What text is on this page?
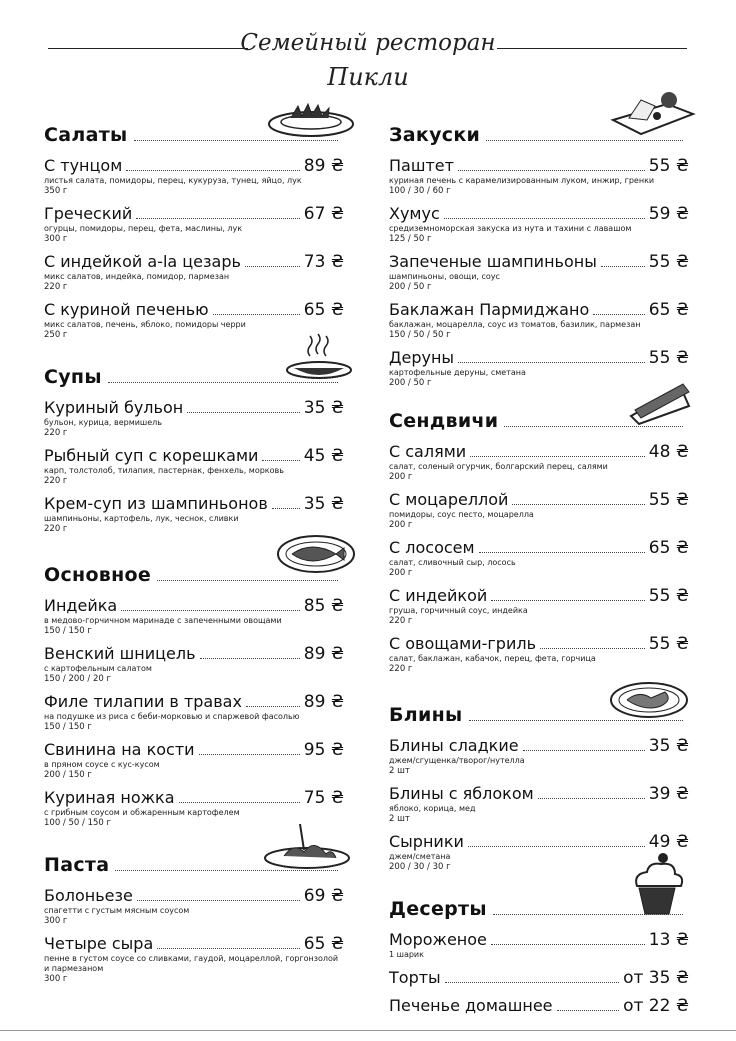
Семейный ресторан
Пикли
Салаты
С тунцом	89 ₴
листья салата, помидоры, перец, кукуруза, тунец, яйцо, лук
350 г
Греческий	67 ₴
огурцы, помидоры, перец, фета, маслины, лук
300 г
С индейкой а-la цезарь	73 ₴
микс салатов, индейка, помидор, пармезан
220 г
С куриной печенью	65 ₴
микс салатов, печень, яблоко, помидоры черри
250 г
Супы
Куриный бульон	35 ₴
бульон, курица, вермишель
220 г
Рыбный суп с корешками	45 ₴
карп, толстолоб, тилапия, пастернак, фенхель, морковь
220 г
Крем-суп из шампиньонов 35 ₴
шампиньоны, картофель, лук, чеснок, сливки
220 г
Основное
Индейка	85 ₴
в медово-горчичном маринаде с запеченными овощами
150 / 150 г
Венский шницель	89 ₴
с картофельным салатом
150 / 200 / 20 г
Филе тилапии в травах	89 ₴
на подушке из риса с беби-морковью и спаржевой фасолью
150 / 150 г
Свинина на кости	95 ₴
в пряном соусе с кус-кусом
200 / 150 г
Куриная ножка	75 ₴
с грибным соусом и обжаренным картофелем
100 / 50 / 150 г
Паста
Болоньезе	69 ₴
спагетти с густым мясным соусом
300 г
Четыре сыра	65 ₴
пенне в густом соусе со сливками, гаудой, моцареллой, горгонзолой и пармезаном
300 г
Закуски
Паштет	55 ₴
куриная печень с карамелизированным луком, инжир, гренки
100 / 30 / 60 г
Хумус	59 ₴
средиземноморская закуска из нута и тахини с лавашом
125 / 50 г
Запеченые шампиньоны	55 ₴
шампиньоны, овощи, соус
200 / 50 г
Баклажан Пармиджано	65 ₴
баклажан, моцарелла, соус из томатов, базилик, пармезан
150 / 50 / 50 г
Деруны	55 ₴
картофельные деруны, сметана
200 / 50 г
Сендвичи
С салями	48 ₴
салат, соленый огурчик, болгарский перец, салями
200 г
С моцареллой	55 ₴
помидоры, соус песто, моцарелла
200 г
С лососем	65 ₴
салат, сливочный сыр, лосось
200 г
С индейкой	55 ₴
груша, горчичный соус, индейка
220 г
С овощами-гриль	55 ₴
салат, баклажан, кабачок, перец, фета, горчица
220 г
Блины
Блины сладкие	35 ₴
джем/сгущенка/творог/нутелла
2 шт
Блины с яблоком	39 ₴
яблоко, корица, мед
2 шт
Сырники	49 ₴
джем/сметана
200 / 30 / 30 г
Десерты
Мороженое	13 ₴
1 шарик
Торты	от 35 ₴
Печенье домашнее	от 22 ₴
